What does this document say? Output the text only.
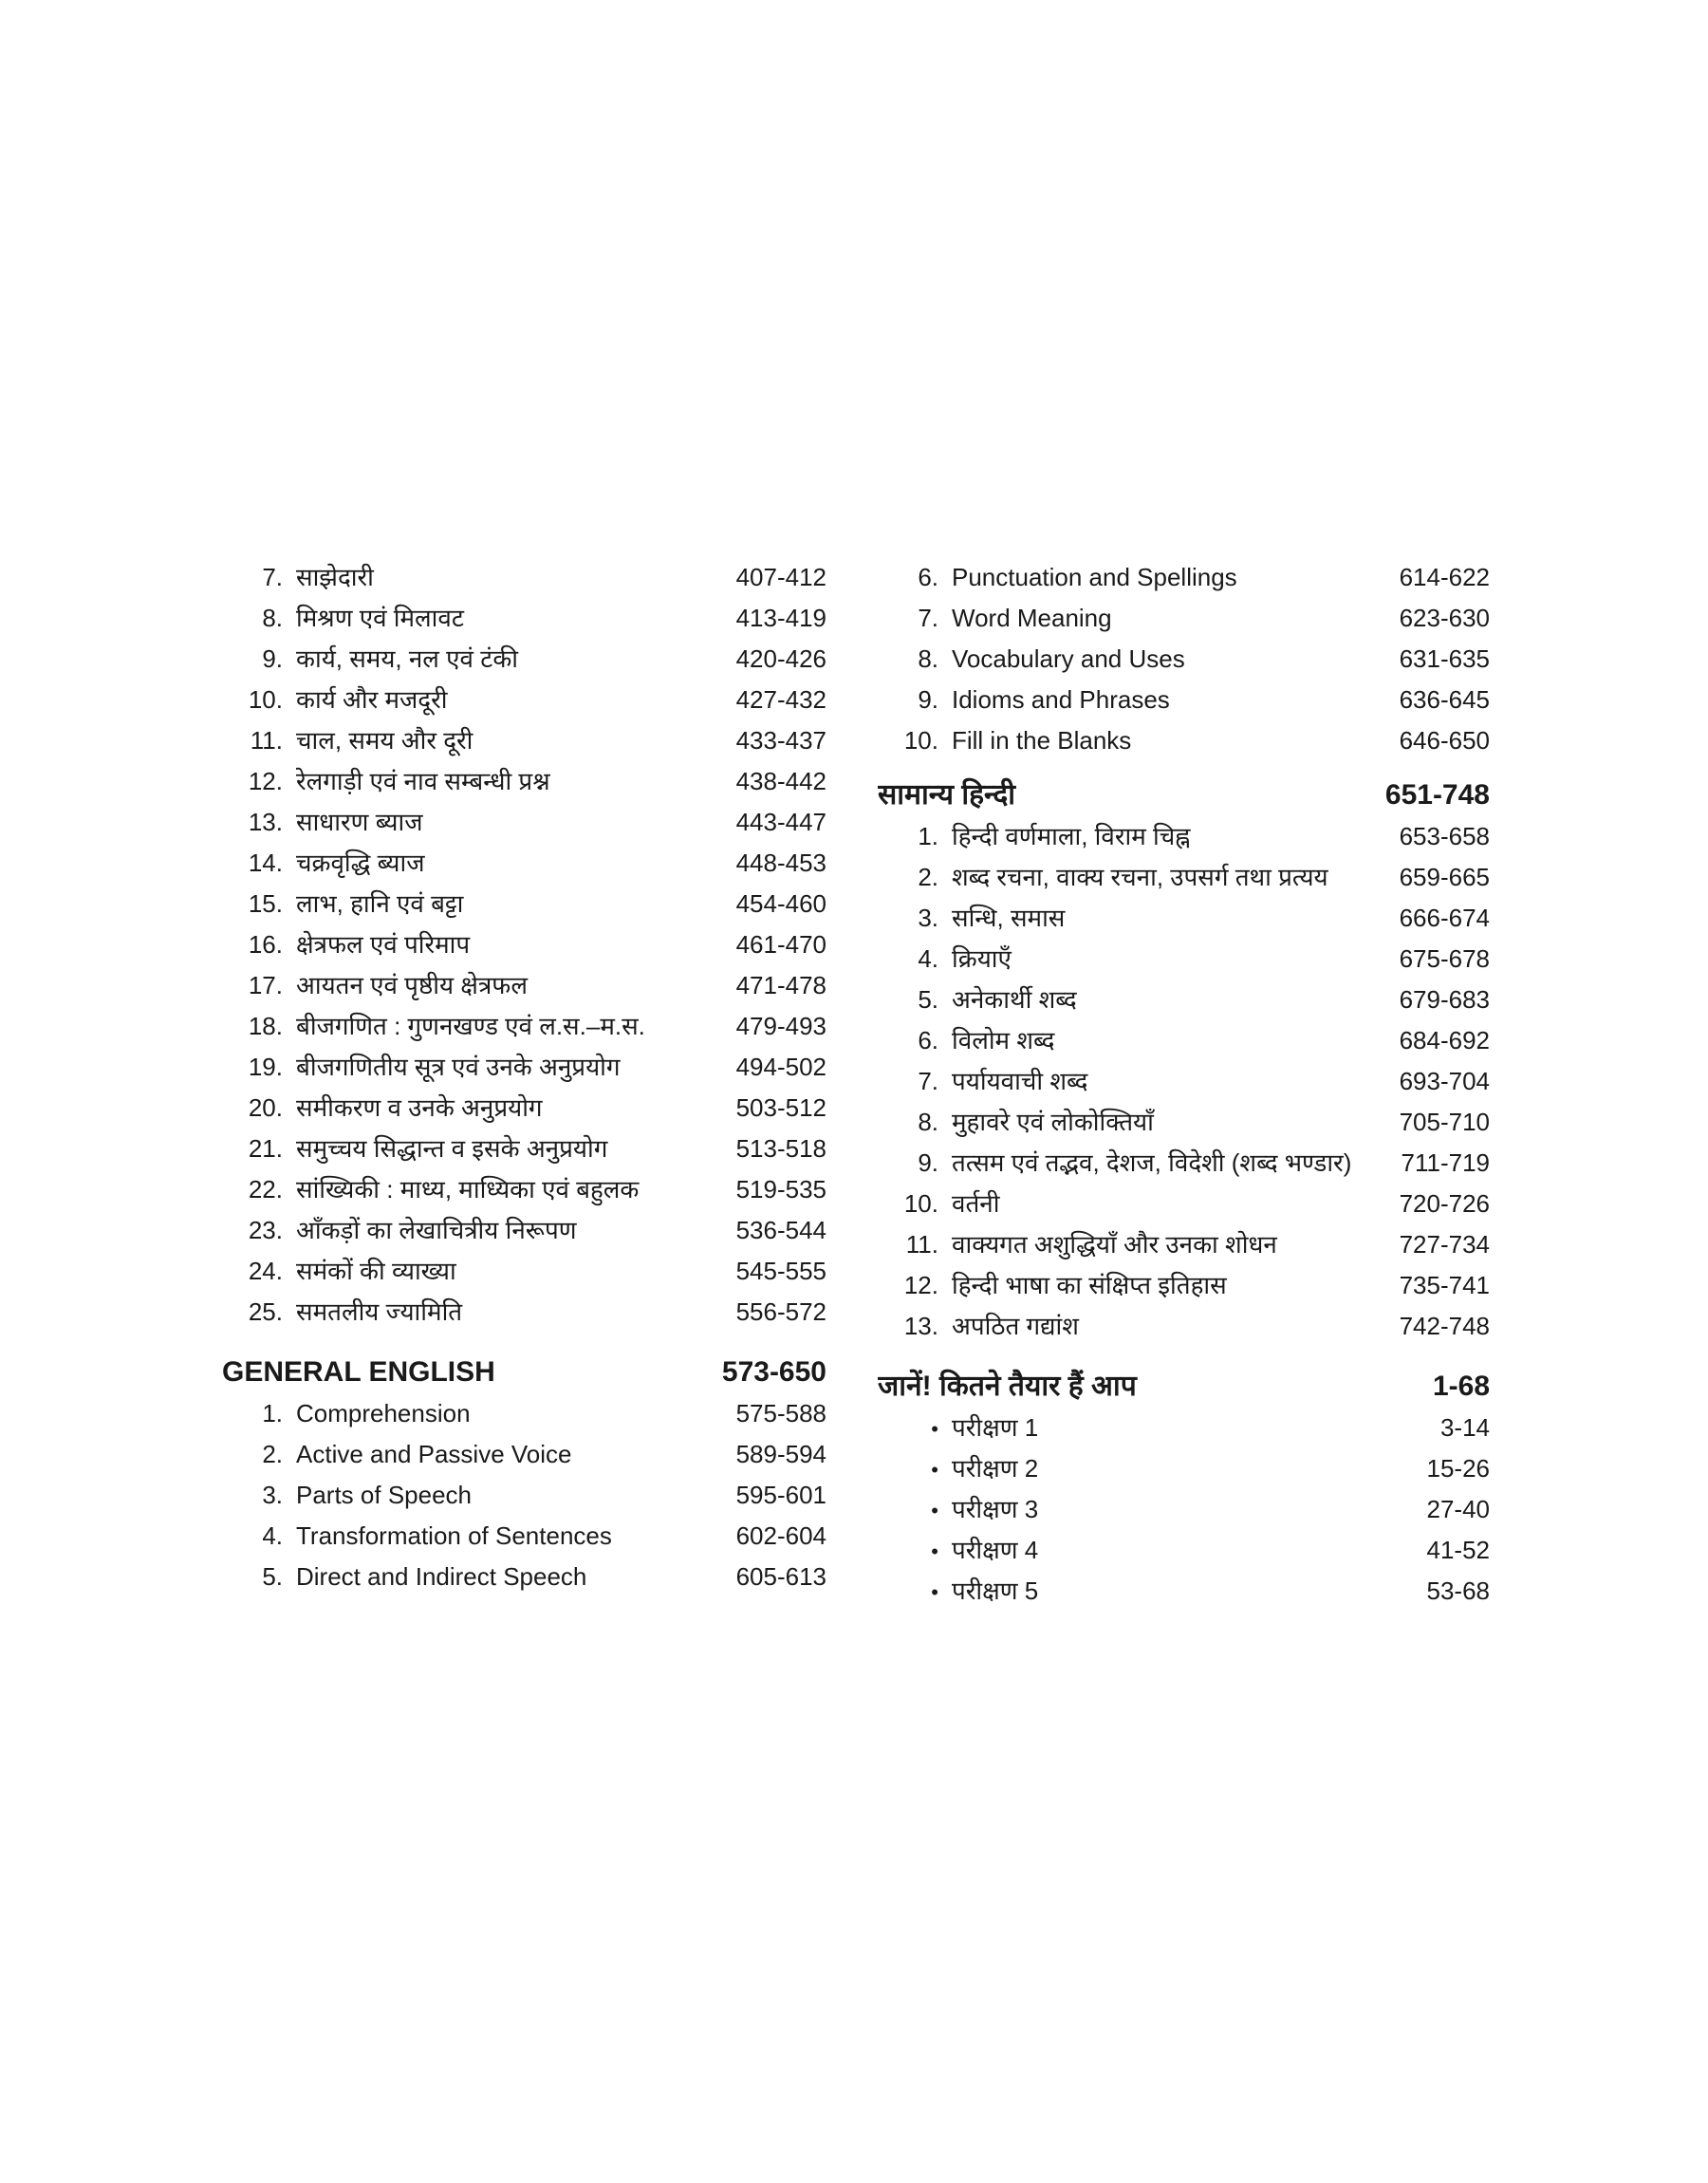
7. साझेदारी	407-412
8. मिश्रण एवं मिलावट	413-419
9. कार्य, समय, नल एवं टंकी	420-426
10. कार्य और मजदूरी	427-432
11. चाल, समय और दूरी	433-437
12. रेलगाड़ी एवं नाव सम्बन्धी प्रश्न	438-442
13. साधारण ब्याज	443-447
14. चक्रवृद्धि ब्याज	448-453
15. लाभ, हानि एवं बट्टा	454-460
16. क्षेत्रफल एवं परिमाप	461-470
17. आयतन एवं पृष्ठीय क्षेत्रफल	471-478
18. बीजगणित : गुणनखण्ड एवं ल.स.–म.स.	479-493
19. बीजगणितीय सूत्र एवं उनके अनुप्रयोग	494-502
20. समीकरण व उनके अनुप्रयोग	503-512
21. समुच्चय सिद्धान्त व इसके अनुप्रयोग	513-518
22. सांख्यिकी : माध्य, माध्यिका एवं बहुलक	519-535
23. आँकड़ों का लेखाचित्रीय निरूपण	536-544
24. समंकों की व्याख्या	545-555
25. समतलीय ज्यामिति	556-572
GENERAL ENGLISH	573-650
1. Comprehension	575-588
2. Active and Passive Voice	589-594
3. Parts of Speech	595-601
4. Transformation of Sentences	602-604
5. Direct and Indirect Speech	605-613
6. Punctuation and Spellings	614-622
7. Word Meaning	623-630
8. Vocabulary and Uses	631-635
9. Idioms and Phrases	636-645
10. Fill in the Blanks	646-650
सामान्य हिन्दी	651-748
1. हिन्दी वर्णमाला, विराम चिह्न	653-658
2. शब्द रचना, वाक्य रचना, उपसर्ग तथा प्रत्यय	659-665
3. सन्धि, समास	666-674
4. क्रियाएँ	675-678
5. अनेकार्थी शब्द	679-683
6. विलोम शब्द	684-692
7. पर्यायवाची शब्द	693-704
8. मुहावरे एवं लोकोक्तियाँ	705-710
9. तत्सम एवं तद्भव, देशज, विदेशी (शब्द भण्डार)	711-719
10. वर्तनी	720-726
11. वाक्यगत अशुद्धियाँ और उनका शोधन	727-734
12. हिन्दी भाषा का संक्षिप्त इतिहास	735-741
13. अपठित गद्यांश	742-748
जानें! कितने तैयार हैं आप	1-68
• परीक्षण 1	3-14
• परीक्षण 2	15-26
• परीक्षण 3	27-40
• परीक्षण 4	41-52
• परीक्षण 5	53-68
